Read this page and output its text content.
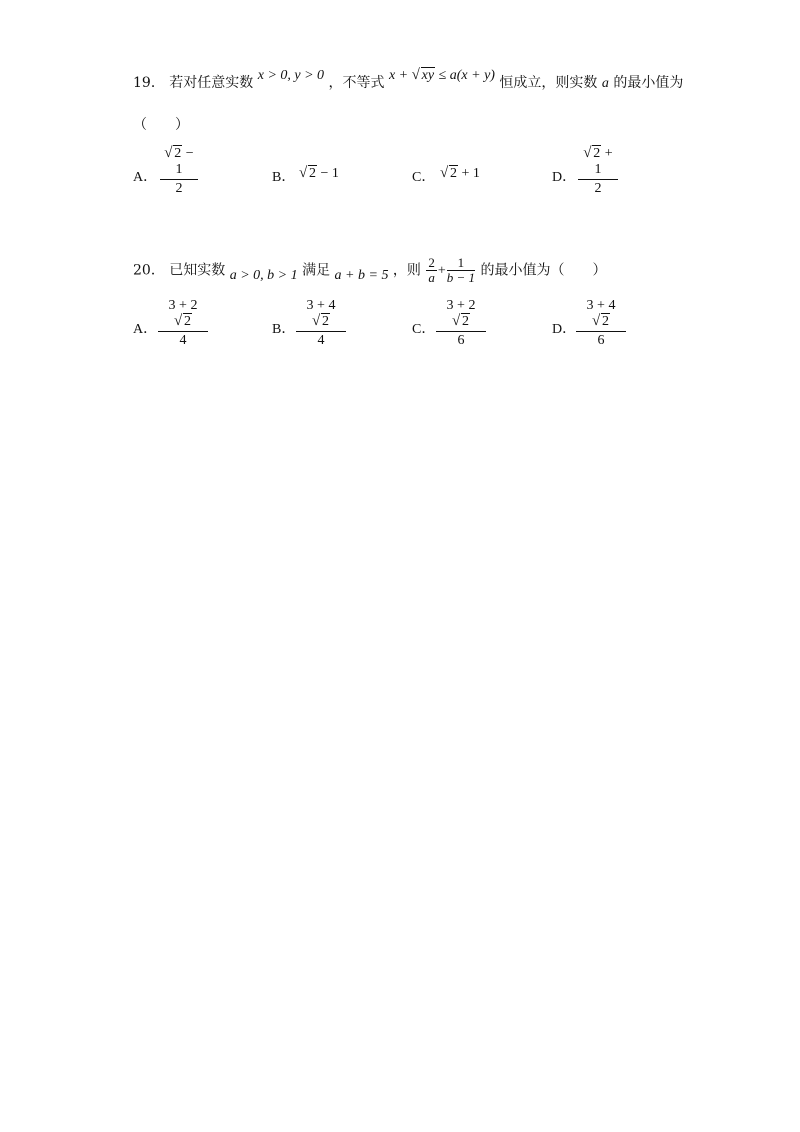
19． 若对任意实数 x > 0, y > 0 ，不等式 x + √ xy ≤ a(x + y) 恒成立，则实数 a 的最小值为
（　　）
A．
√ 2 − 1
2
B． √ 2 − 1	C． √ 2 + 1	D．
√ 2 + 1
2
20． 已知实数 a > 0, b > 1 满足 a + b = 5 ，则 $\frac{2}{a} + \frac{1}{b - 1}$ 的最小值为（　　）
A．
3 + 2
√ 2
4
B．
3 + 4
√ 2
4
C．
3 + 2
√ 2
6
D．
3 + 4
√ 2
6
